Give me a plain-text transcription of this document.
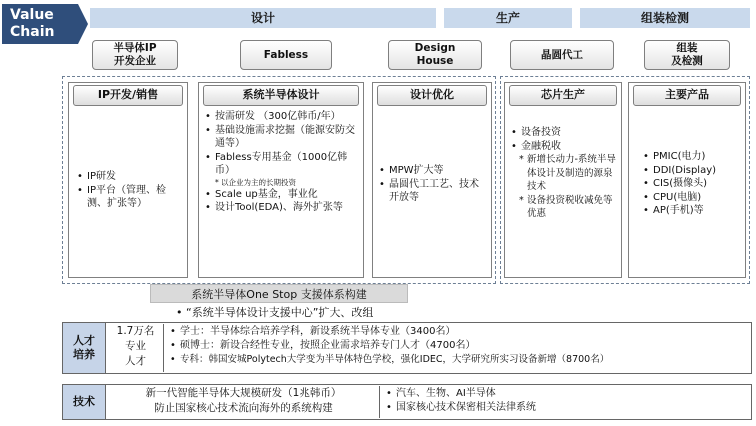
Value
Chain
设计	生产	组装检测
半导体IP
开发企业
Fabless
Design
House
晶圆代工
组装
及检测
IP开发/销售
• IP研发
• IP平台（管理、检测、扩张等）
系统半导体设计
• 按需研发 （300亿韩币/年）
• 基础设施需求挖掘（能源安防交通等）
• Fabless专用基金（1000亿韩币）
* 以企业为主的长期投资
• Scale up基金，事业化
• 设计Tool(EDA)、海外扩张等
设计优化
• MPW扩大等
• 晶圆代工工艺、技术开放等
芯片生产
• 设备投资
• 金融税收
* 新增长动力-系统半导体设计及制造的源泉技术
* 设备投资税收减免等优惠
主要产品
• PMIC(电力)
• DDI(Display)
• CIS(摄像头)
• CPU(电脑)
• AP(手机)等
系统半导体One Stop 支援体系构建
• “系统半导体设计支援中心”扩大、改组
人才
培养
1.7万名
专业
人才
• 学士：半导体综合培养学科，新设系统半导体专业（3400名）
• 硕博士：新设合经性专业，按照企业需求培养专门人才（4700名）
• 专科：韩国安城Polytech大学变为半导体特色学校，强化IDEC，大学研究所实习设备新增（8700名）
技术
新一代智能半导体大规模研发（1兆韩币）
防止国家核心技术流向海外的系统构建
• 汽车、生物、AI半导体
• 国家核心技术保密相关法律系统
